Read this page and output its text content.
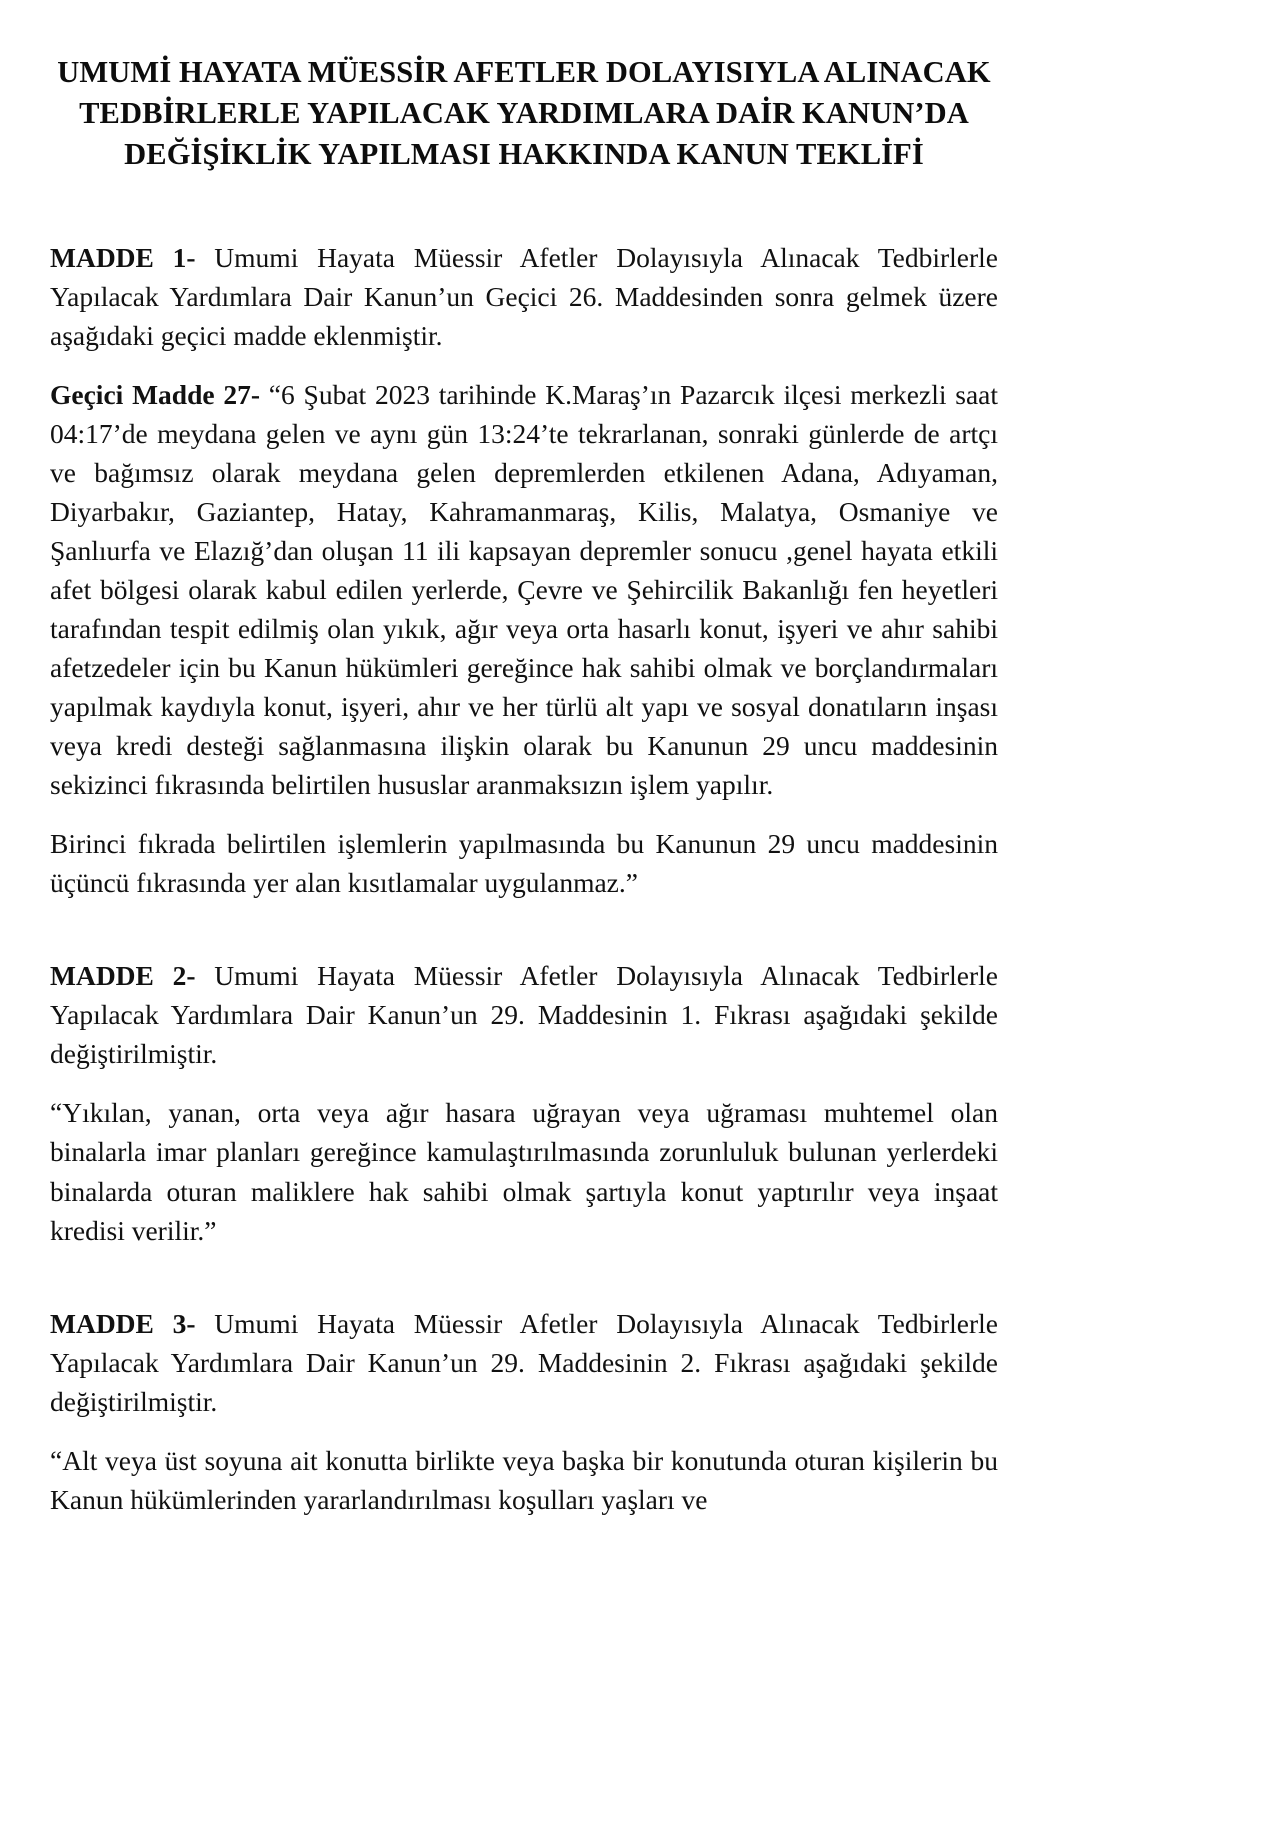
UMUMİ HAYATA MÜESSİR AFETLER DOLAYISIYLA ALINACAK
TEDBİRLERLE YAPILACAK YARDIMLARA DAİR KANUN’DA
DEĞİŞİKLİK YAPILMASI HAKKINDA KANUN TEKLİFİ

MADDE 1- Umumi Hayata Müessir Afetler Dolayısıyla Alınacak Tedbirlerle Yapılacak Yardımlara Dair Kanun’un Geçici 26. Maddesinden sonra gelmek üzere aşağıdaki geçici madde eklenmiştir.

Geçici Madde 27- “6 Şubat 2023 tarihinde K.Maraş’ın Pazarcık ilçesi merkezli saat 04:17’de meydana gelen ve aynı gün 13:24’te tekrarlanan, sonraki günlerde de artçı ve bağımsız olarak meydana gelen depremlerden etkilenen Adana, Adıyaman, Diyarbakır, Gaziantep, Hatay, Kahramanmaraş, Kilis, Malatya, Osmaniye ve Şanlıurfa ve Elazığ’dan oluşan 11 ili kapsayan depremler sonucu ,genel hayata etkili afet bölgesi olarak kabul edilen yerlerde, Çevre ve Şehircilik Bakanlığı fen heyetleri tarafından tespit edilmiş olan yıkık, ağır veya orta hasarlı konut, işyeri ve ahır sahibi afetzedeler için bu Kanun hükümleri gereğince hak sahibi olmak ve borçlandırmaları yapılmak kaydıyla konut, işyeri, ahır ve her türlü alt yapı ve sosyal donatıların inşası veya kredi desteği sağlanmasına ilişkin olarak bu Kanunun 29 uncu maddesinin sekizinci fıkrasında belirtilen hususlar aranmaksızın işlem yapılır.

Birinci fıkrada belirtilen işlemlerin yapılmasında bu Kanunun 29 uncu maddesinin üçüncü fıkrasında yer alan kısıtlamalar uygulanmaz.”

MADDE 2- Umumi Hayata Müessir Afetler Dolayısıyla Alınacak Tedbirlerle Yapılacak Yardımlara Dair Kanun’un 29. Maddesinin 1. Fıkrası aşağıdaki şekilde değiştirilmiştir.

“Yıkılan, yanan, orta veya ağır hasara uğrayan veya uğraması muhtemel olan binalarla imar planları gereğince kamulaştırılmasında zorunluluk bulunan yerlerdeki binalarda oturan maliklere hak sahibi olmak şartıyla konut yaptırılır veya inşaat kredisi verilir.”

MADDE 3- Umumi Hayata Müessir Afetler Dolayısıyla Alınacak Tedbirlerle Yapılacak Yardımlara Dair Kanun’un 29. Maddesinin 2. Fıkrası aşağıdaki şekilde değiştirilmiştir.

“Alt veya üst soyuna ait konutta birlikte veya başka bir konutunda oturan kişilerin bu Kanun hükümlerinden yararlandırılması koşulları yaşları ve
